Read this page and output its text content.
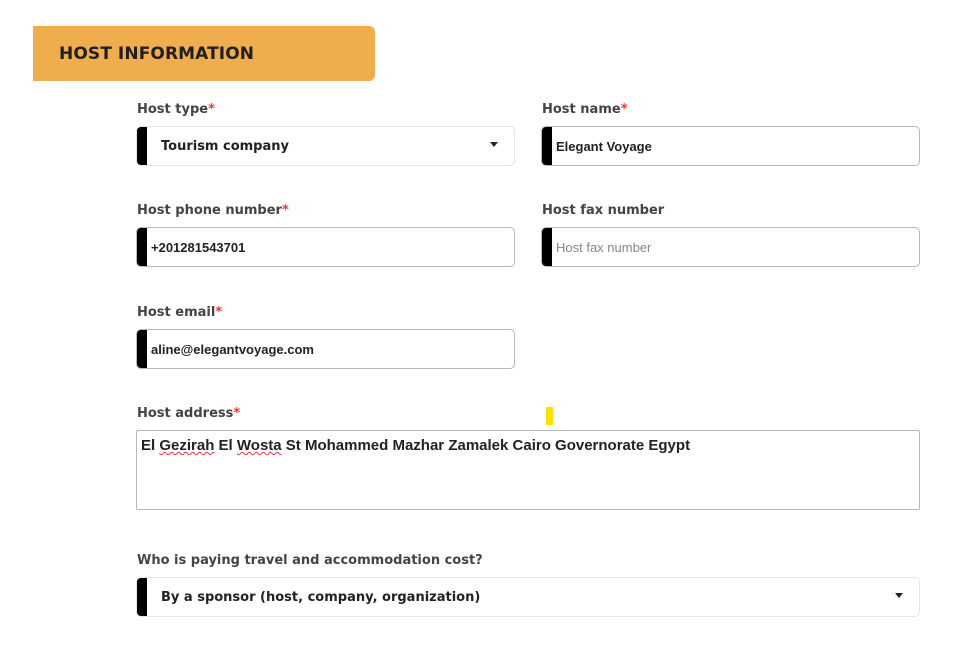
HOST INFORMATION
Host type*
Tourism company
Host name*
Elegant Voyage
Host phone number*
+201281543701	Host fax number
Host fax number
Host email*
aline@elegantvoyage.com
Host address*
El Gezirah El Wosta St Mohammed Mazhar Zamalek Cairo Governorate Egypt
Who is paying travel and accommodation cost?
By a sponsor (host, company, organization)
